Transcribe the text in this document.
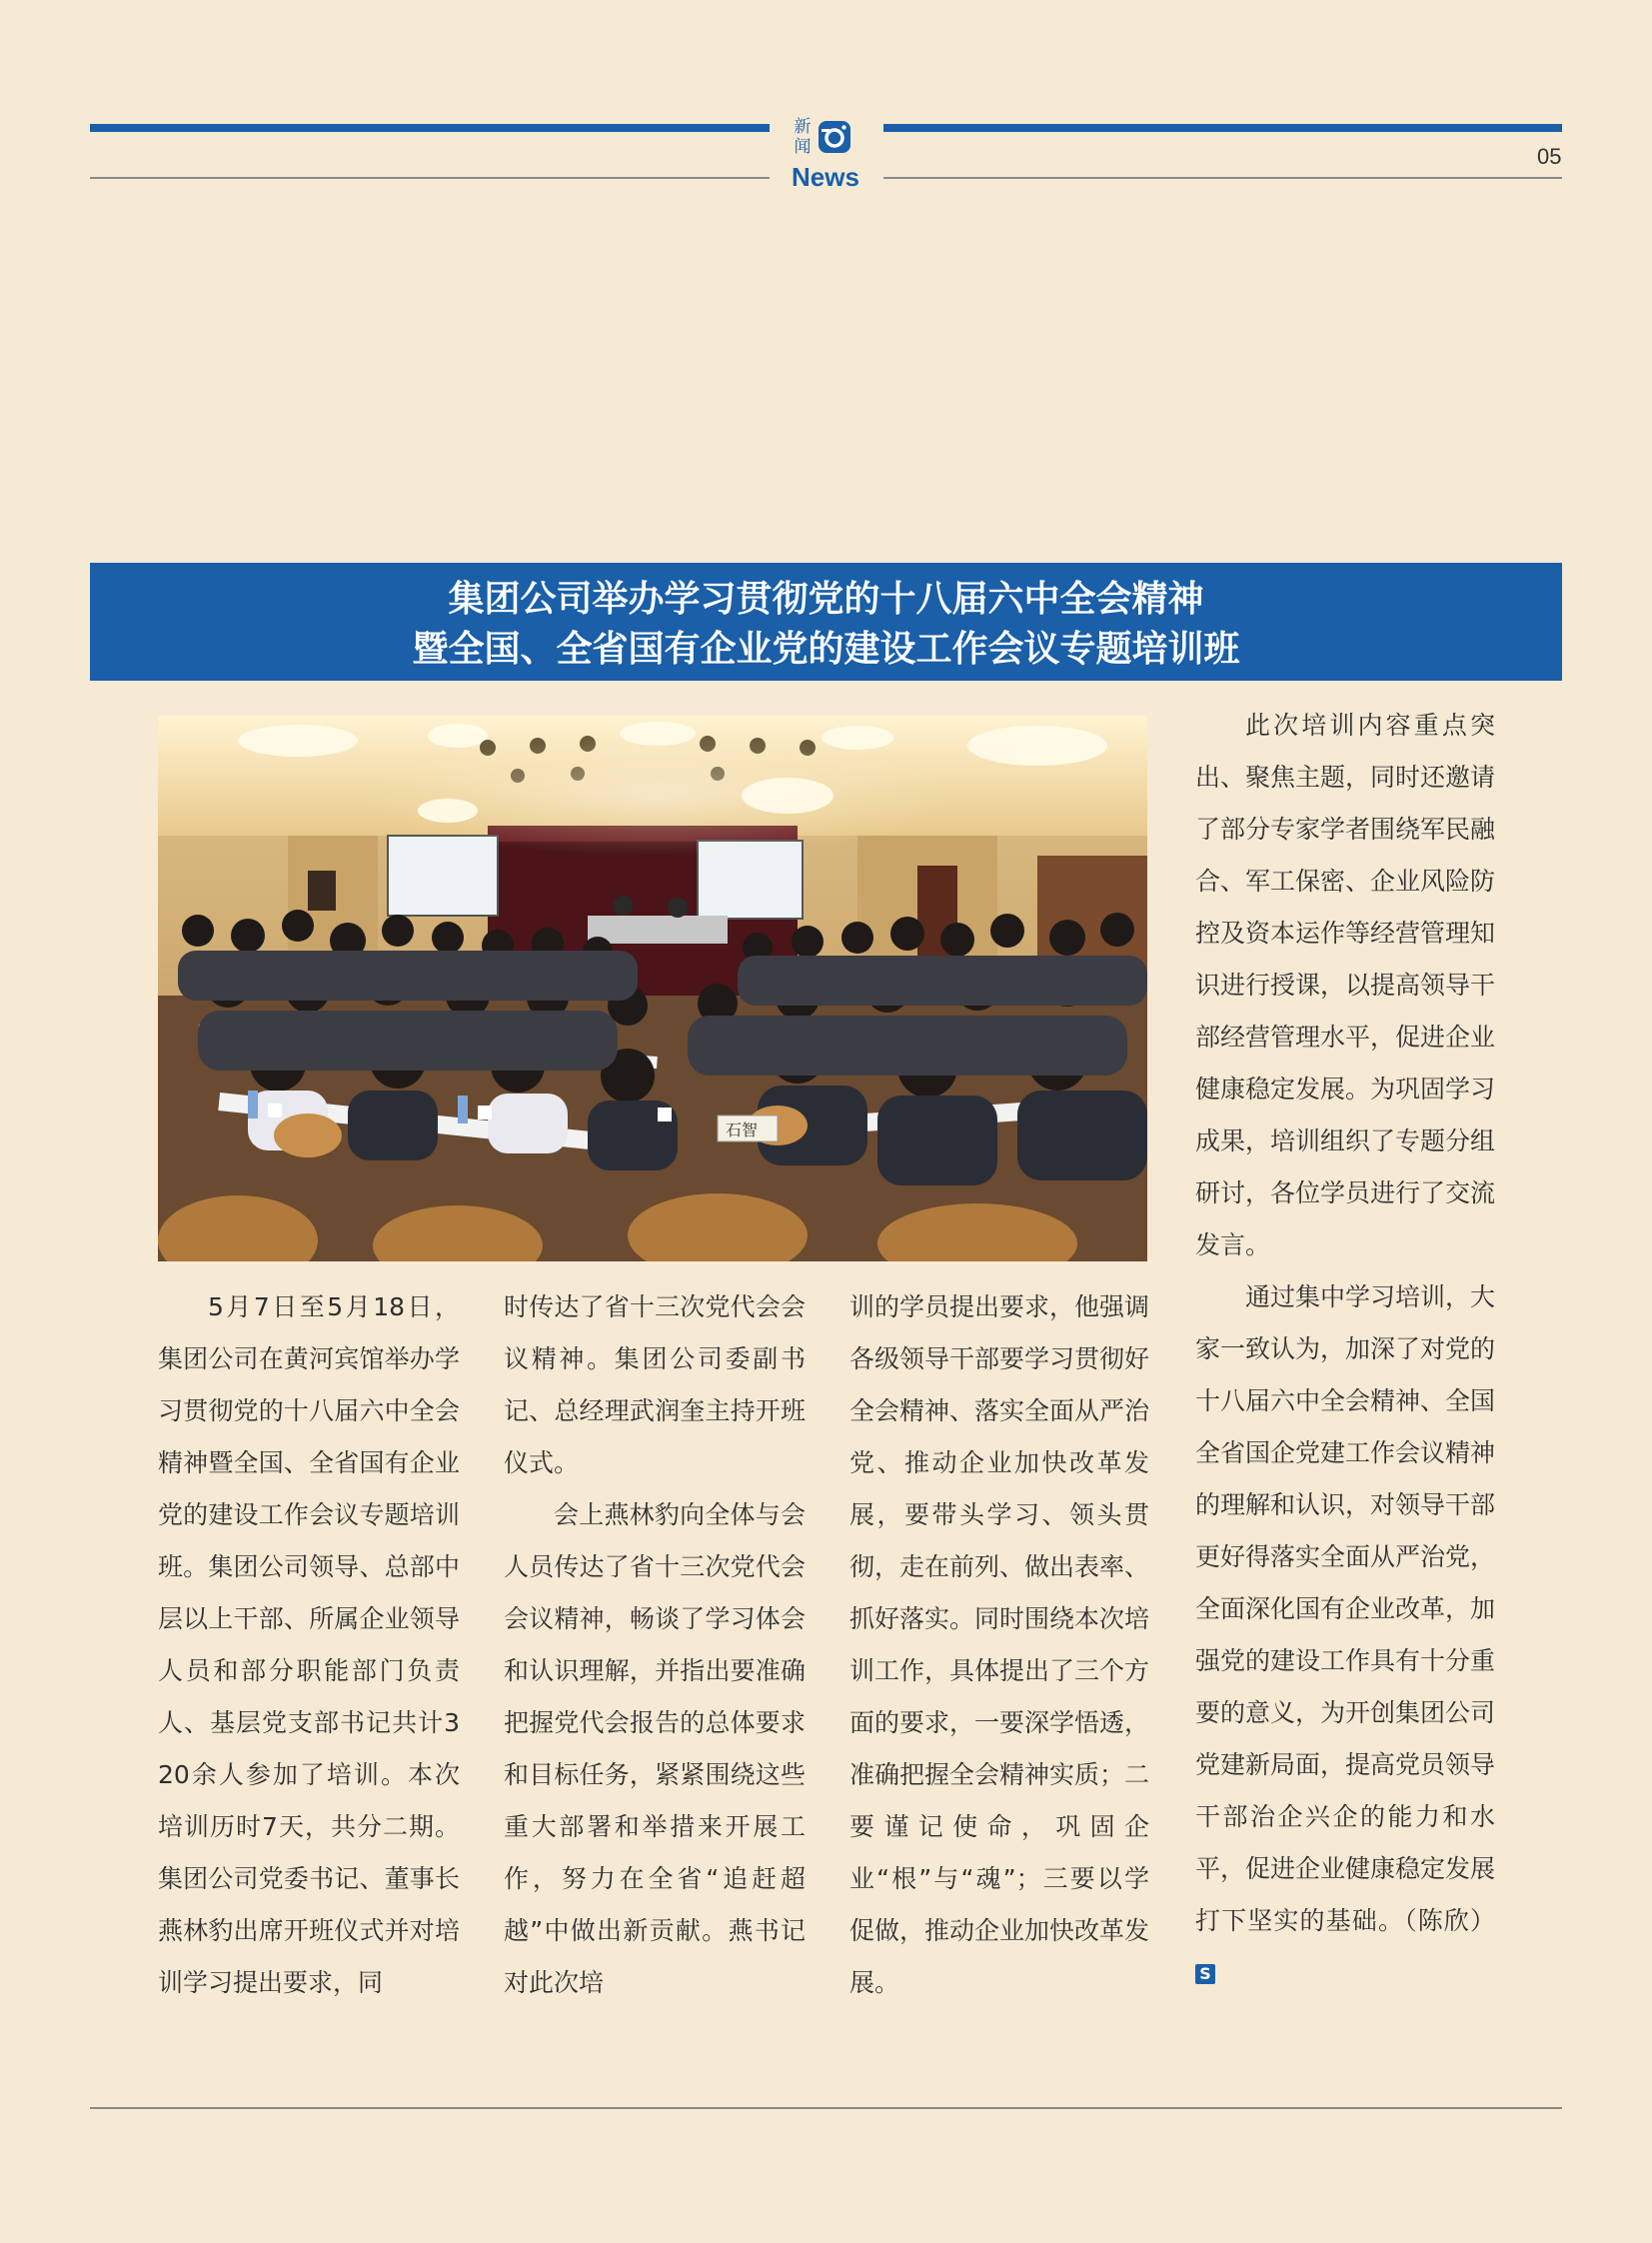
新
闻
News
05
集团公司举办学习贯彻党的十八届六中全会精神
暨全国、全省国有企业党的建设工作会议专题培训班
石智

5月7日至5月18日，集团公司在黄河宾馆举办学习贯彻党的十八届六中全会精神暨全国、全省国有企业党的建设工作会议专题培训班。集团公司领导、总部中层以上干部、所属企业领导人员和部分职能部门负责人、基层党支部书记共计320余人参加了培训。本次培训历时7天，共分二期。集团公司党委书记、董事长燕林豹出席开班仪式并对培训学习提出要求，同

时传达了省十三次党代会会议精神。集团公司委副书记、总经理武润奎主持开班仪式。

会上燕林豹向全体与会人员传达了省十三次党代会会议精神，畅谈了学习体会和认识理解，并指出要准确把握党代会报告的总体要求和目标任务，紧紧围绕这些重大部署和举措来开展工作，努力在全省“追赶超越”中做出新贡献。燕书记对此次培

训的学员提出要求，他强调各级领导干部要学习贯彻好全会精神、落实全面从严治党、推动企业加快改革发展，要带头学习、领头贯彻，走在前列、做出表率、抓好落实。同时围绕本次培训工作，具体提出了三个方面的要求，一要深学悟透，准确把握全会精神实质；二要谨记使命，巩固企业“根”与“魂”；三要以学促做，推动企业加快改革发展。

此次培训内容重点突出、聚焦主题，同时还邀请了部分专家学者围绕军民融合、军工保密、企业风险防控及资本运作等经营管理知识进行授课，以提高领导干部经营管理水平，促进企业健康稳定发展。为巩固学习成果，培训组织了专题分组研讨，各位学员进行了交流发言。

通过集中学习培训，大家一致认为，加深了对党的十八届六中全会精神、全国全省国企党建工作会议精神的理解和认识，对领导干部更好得落实全面从严治党，全面深化国有企业改革，加强党的建设工作具有十分重要的意义，为开创集团公司党建新局面，提高党员领导干部治企兴企的能力和水平，促进企业健康稳定发展打下坚实的基础。（陈欣）S
